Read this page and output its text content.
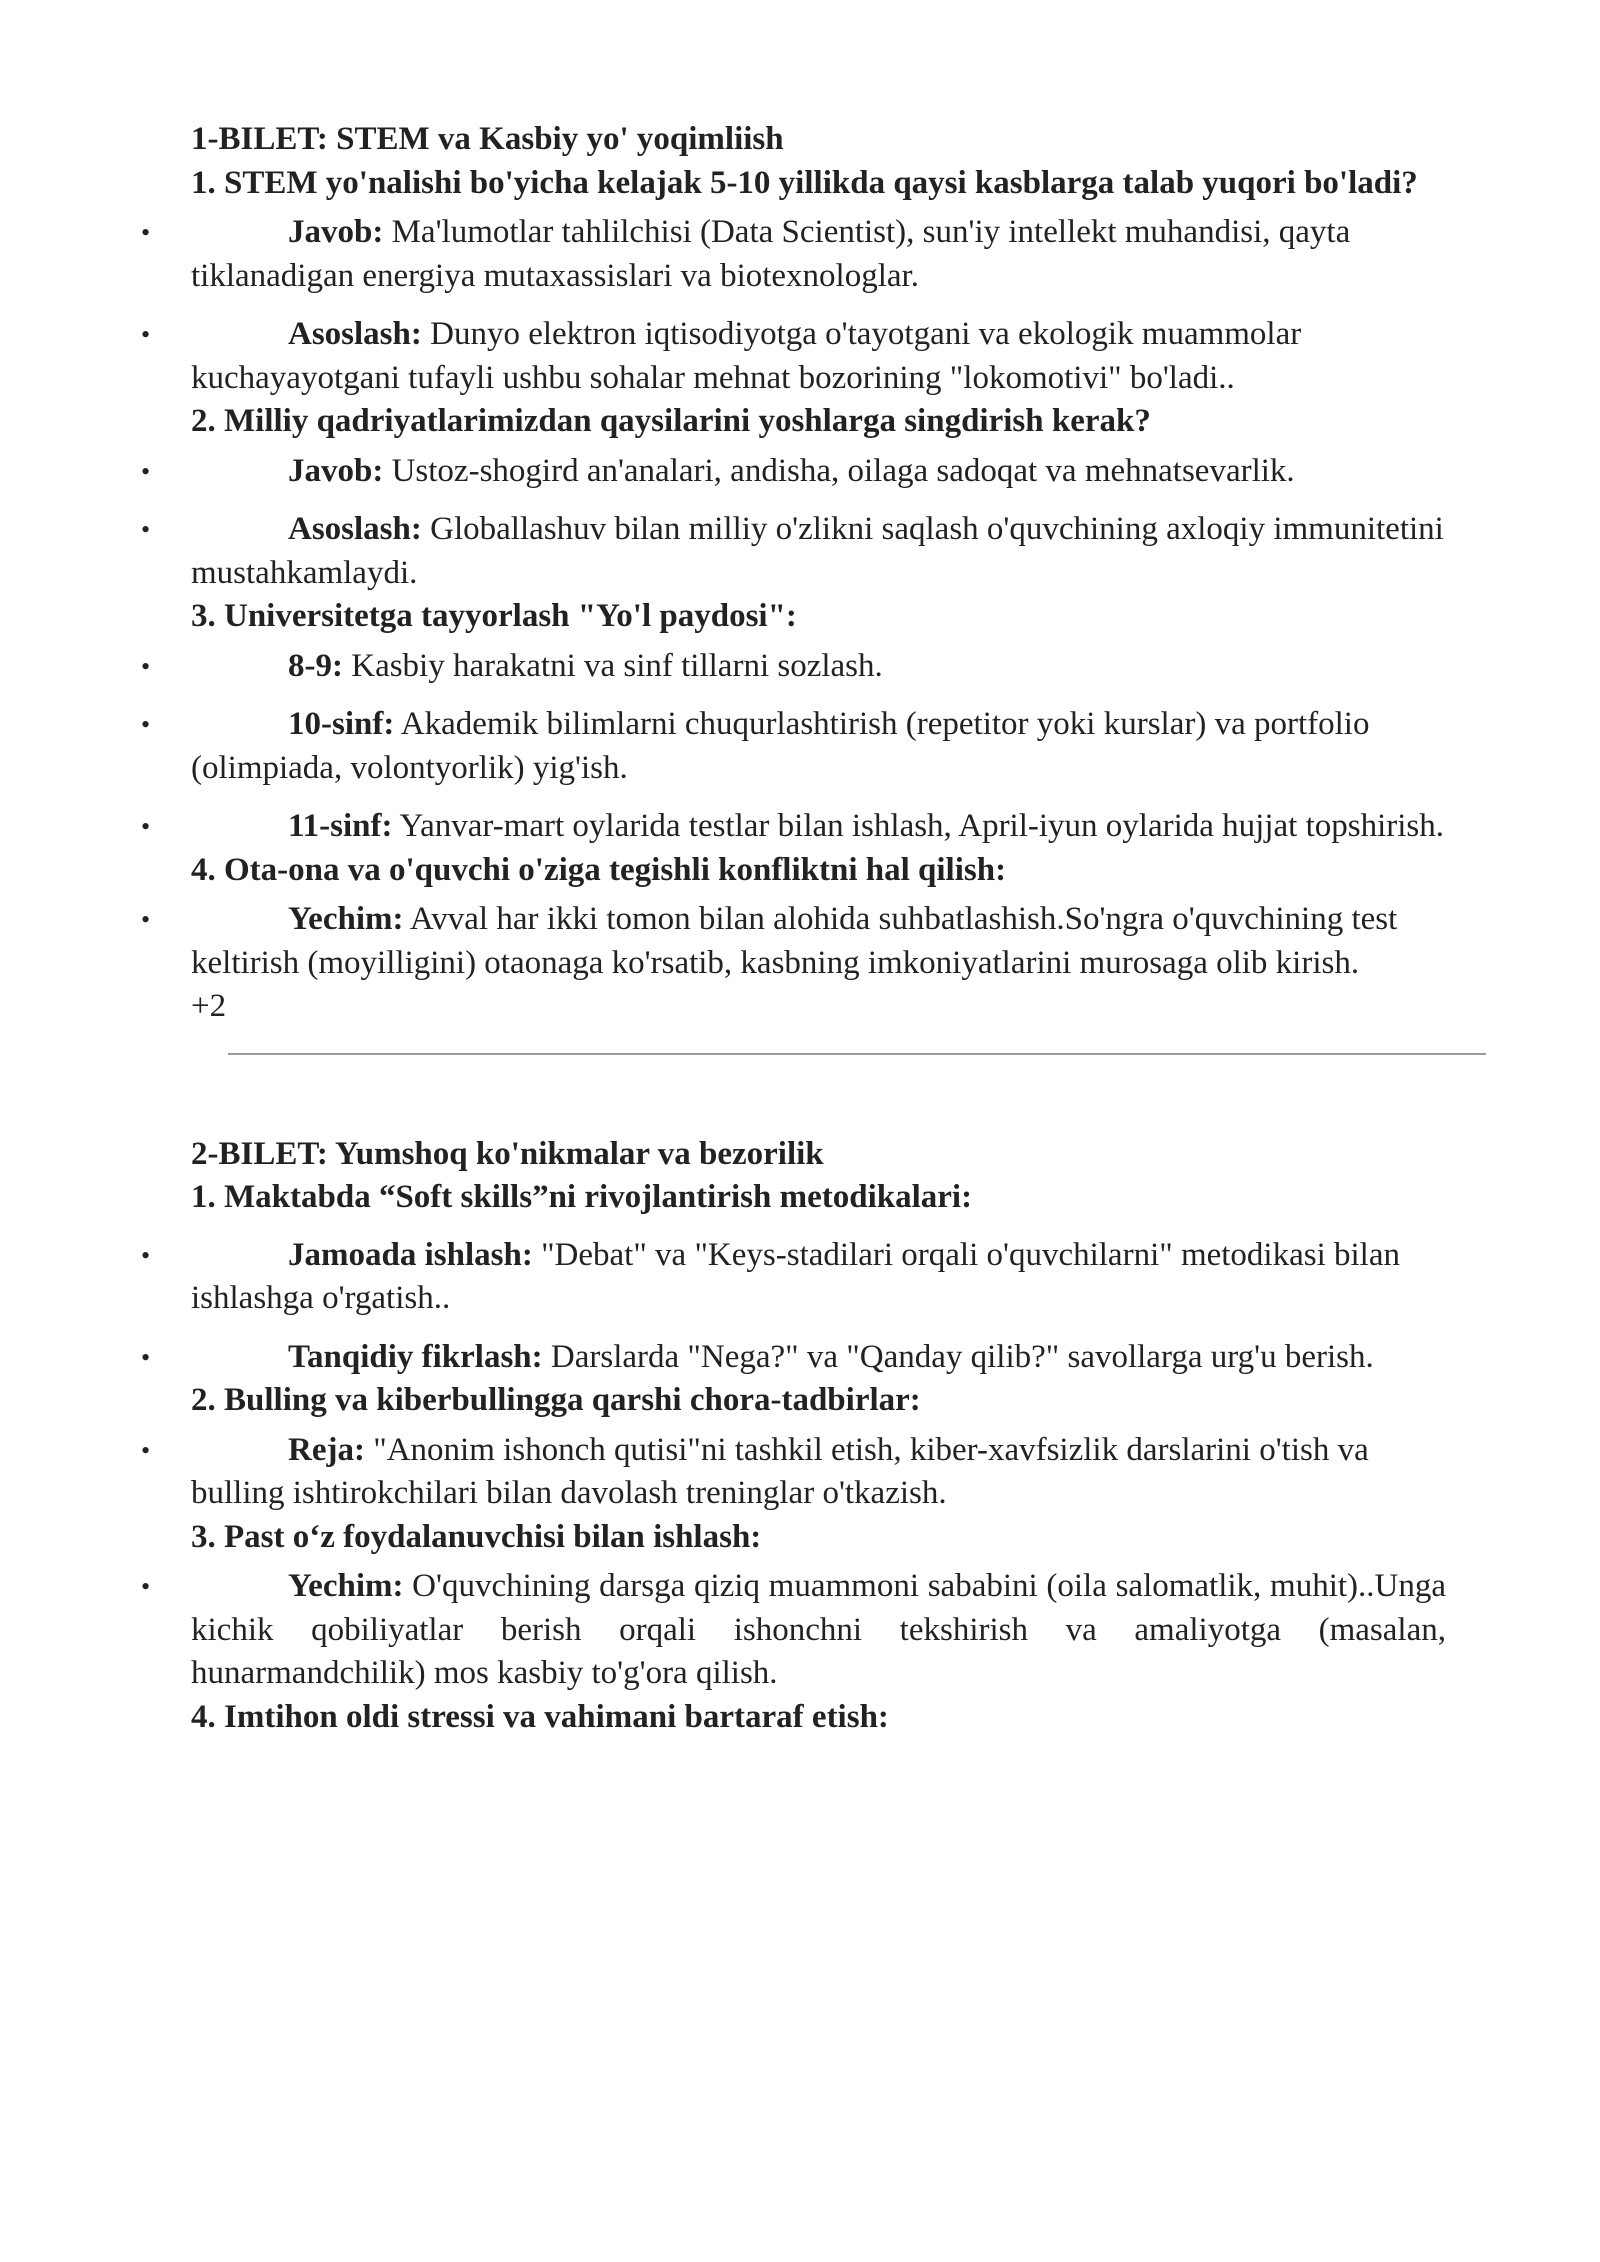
1-BILET: STEM va Kasbiy yo' yoqimliish

1. STEM yo'nalishi bo'yicha kelajak 5-10 yillikda qaysi kasblarga talab yuqori bo'ladi?

•	Javob: Ma'lumotlar tahlilchisi (Data Scientist), sun'iy intellekt muhandisi, qayta tiklanadigan energiya mutaxassislari va biotexnologlar.

•	Asoslash: Dunyo elektron iqtisodiyotga o'tayotgani va ekologik muammolar kuchayayotgani tufayli ushbu sohalar mehnat bozorining "lokomotivi" bo'ladi..

2. Milliy qadriyatlarimizdan qaysilarini yoshlarga singdirish kerak?

•	Javob: Ustoz-shogird an'analari, andisha, oilaga sadoqat va mehnatsevarlik.

•	Asoslash: Globallashuv bilan milliy o'zlikni saqlash o'quvchining axloqiy immunitetini mustahkamlaydi.

3. Universitetga tayyorlash "Yo'l paydosi":

•	8-9: Kasbiy harakatni va sinf tillarni sozlash.

•	10-sinf: Akademik bilimlarni chuqurlashtirish (repetitor yoki kurslar) va portfolio (olimpiada, volontyorlik) yig'ish.

•	11-sinf: Yanvar-mart oylarida testlar bilan ishlash, April-iyun oylarida hujjat topshirish.

4. Ota-ona va o'quvchi o'ziga tegishli konfliktni hal qilish:

•	Yechim: Avval har ikki tomon bilan alohida suhbatlashish.So'ngra o'quvchining test keltirish (moyilligini) otaonaga ko'rsatib, kasbning imkoniyatlarini murosaga olib kirish.

+2

2-BILET: Yumshoq ko'nikmalar va bezorilik

1. Maktabda “Soft skills”ni rivojlantirish metodikalari:

•	Jamoada ishlash: "Debat" va "Keys-stadilari orqali o'quvchilarni" metodikasi bilan ishlashga o'rgatish..

•	Tanqidiy fikrlash: Darslarda "Nega?" va "Qanday qilib?" savollarga urg'u berish.

2. Bulling va kiberbullingga qarshi chora-tadbirlar:

•	Reja: "Anonim ishonch qutisi"ni tashkil etish, kiber-xavfsizlik darslarini o'tish va bulling ishtirokchilari bilan davolash treninglar o'tkazish.

3. Past o‘z foydalanuvchisi bilan ishlash:

•	Yechim: O'quvchining darsga qiziq muammoni sababini (oila salomatlik, muhit)..Unga kichik qobiliyatlar berish orqali ishonchni tekshirish va amaliyotga (masalan, hunarmandchilik) mos kasbiy to'g'ora qilish.

4. Imtihon oldi stressi va vahimani bartaraf etish:
